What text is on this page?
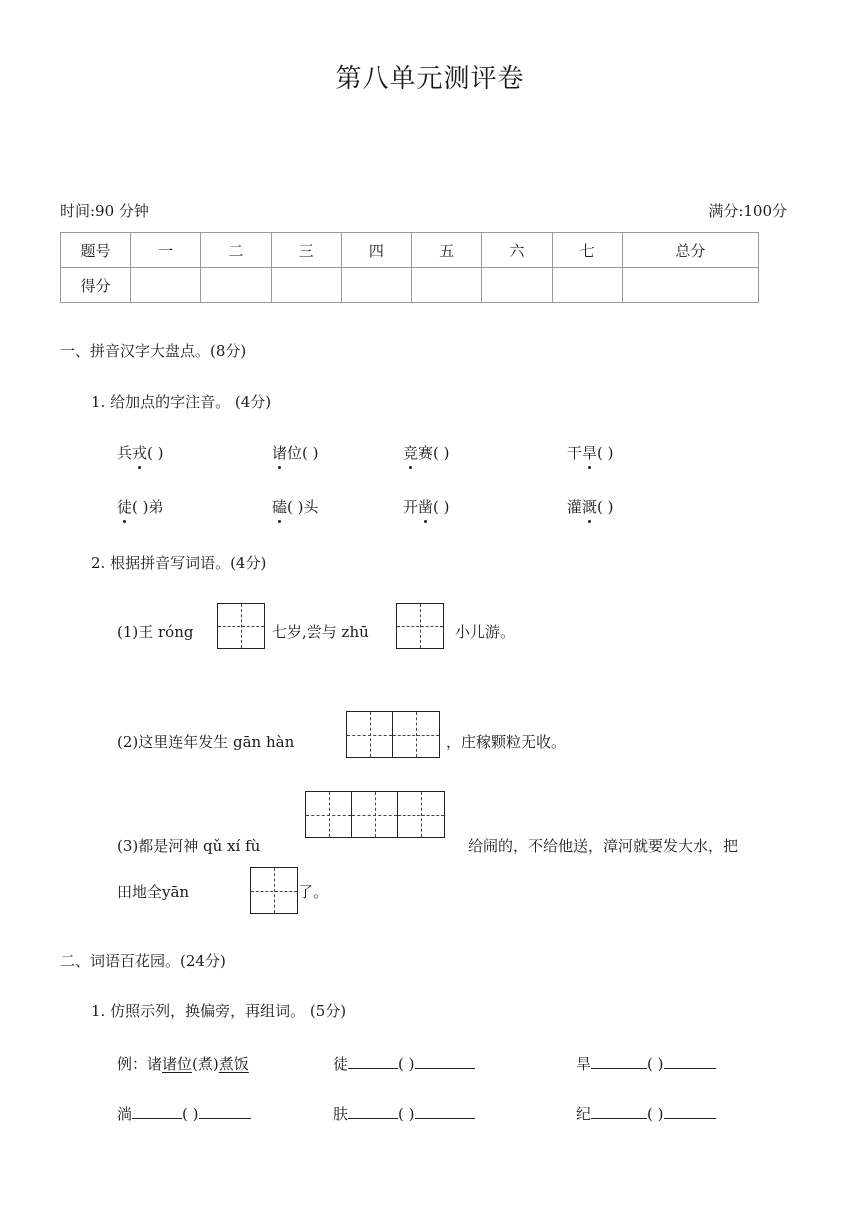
第八单元测评卷
时间:90 分钟	满分:100分
题号	一	二	三	四	五	六	七	总分
得分								
一、拼音汉字大盘点。(8分)
1. 给加点的字注音。 (4分)
兵戎( )	诸位( )	竞赛( )	干旱( )
徒( )弟	磕( )头	开凿( )	灌溉( )
2. 根据拼音写词语。(4分)
(1)王 róng	七岁,尝与 zhū	小儿游。
(2)这里连年发生 gān hàn	，庄稼颗粒无收。
(3)都是河神 qǔ xí fù	给闹的，不给他送，漳河就要发大水，把
田地全yān	了。
二、词语百花园。(24分)
1. 仿照示列，换偏旁，再组词。 (5分)
例：诸诸位(煮)煮饭	徒	( )	旱	( )
淌	( )	肤	( )	纪	( )
